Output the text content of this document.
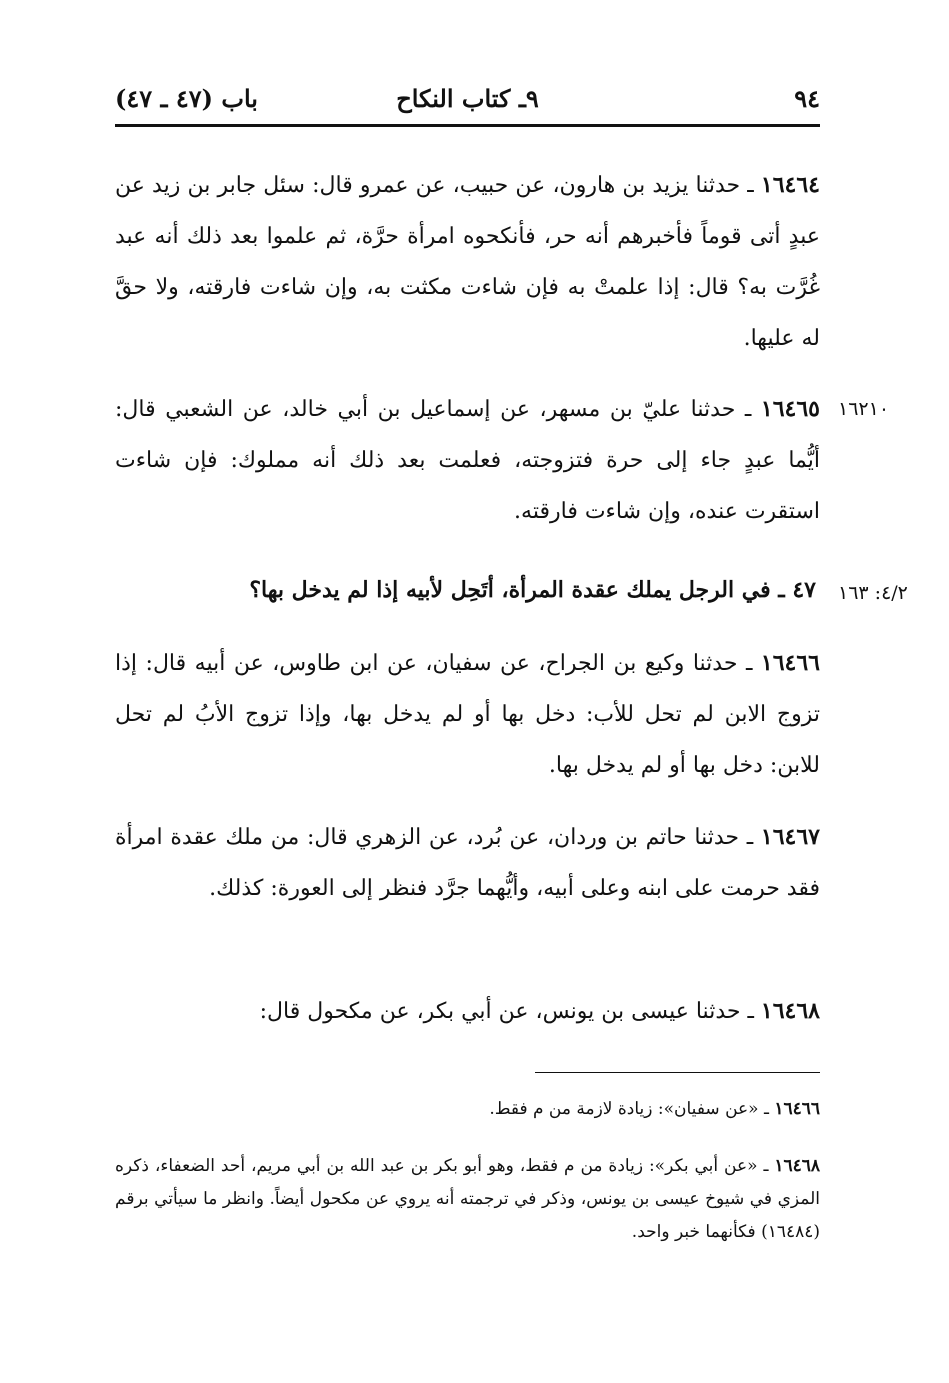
٩٤
٩ـ كتاب النكاح
باب (٤٧ ـ ٤٧)

١٦٤٦٤ ـ حدثنا يزيد بن هارون، عن حبيب، عن عمرو قال: سئل جابر بن زيد عن عبدٍ أتى قوماً فأخبرهم أنه حر، فأنكحوه امرأة حرَّة، ثم علموا بعد ذلك أنه عبد غُرَّت به؟ قال: إذا علمتْ به فإن شاءت مكثت به، وإن شاءت فارقته، ولا حقَّ له عليها.

١٦٢١٠

١٦٤٦٥ ـ حدثنا عليّ بن مسهر، عن إسماعيل بن أبي خالد، عن الشعبي قال: أيُّما عبدٍ جاء إلى حرة فتزوجته، فعلمت بعد ذلك أنه مملوك: فإن شاءت استقرت عنده، وإن شاءت فارقته.

٤/٢: ١٦٣

٤٧ ـ في الرجل يملك عقدة المرأة، أتَحِل لأبيه إذا لم يدخل بها؟

١٦٤٦٦ ـ حدثنا وكيع بن الجراح، عن سفيان، عن ابن طاوس، عن أبيه قال: إذا تزوج الابن لم تحل للأب: دخل بها أو لم يدخل بها، وإذا تزوج الأبُ لم تحل للابن: دخل بها أو لم يدخل بها.

١٦٤٦٧ ـ حدثنا حاتم بن وردان، عن بُرد، عن الزهري قال: من ملك عقدة امرأة فقد حرمت على ابنه وعلى أبيه، وأيُّهما جرَّد فنظر إلى العورة: كذلك.

١٦٤٦٨ ـ حدثنا عيسى بن يونس، عن أبي بكر، عن مكحول قال:

١٦٤٦٦ ـ «عن سفيان»: زيادة لازمة من م فقط.

١٦٤٦٨ ـ «عن أبي بكر»: زيادة من م فقط، وهو أبو بكر بن عبد الله بن أبي مريم، أحد الضعفاء، ذكره المزي في شيوخ عيسى بن يونس، وذكر في ترجمته أنه يروي عن مكحول أيضاً. وانظر ما سيأتي برقم (١٦٤٨٤) فكأنهما خبر واحد.
